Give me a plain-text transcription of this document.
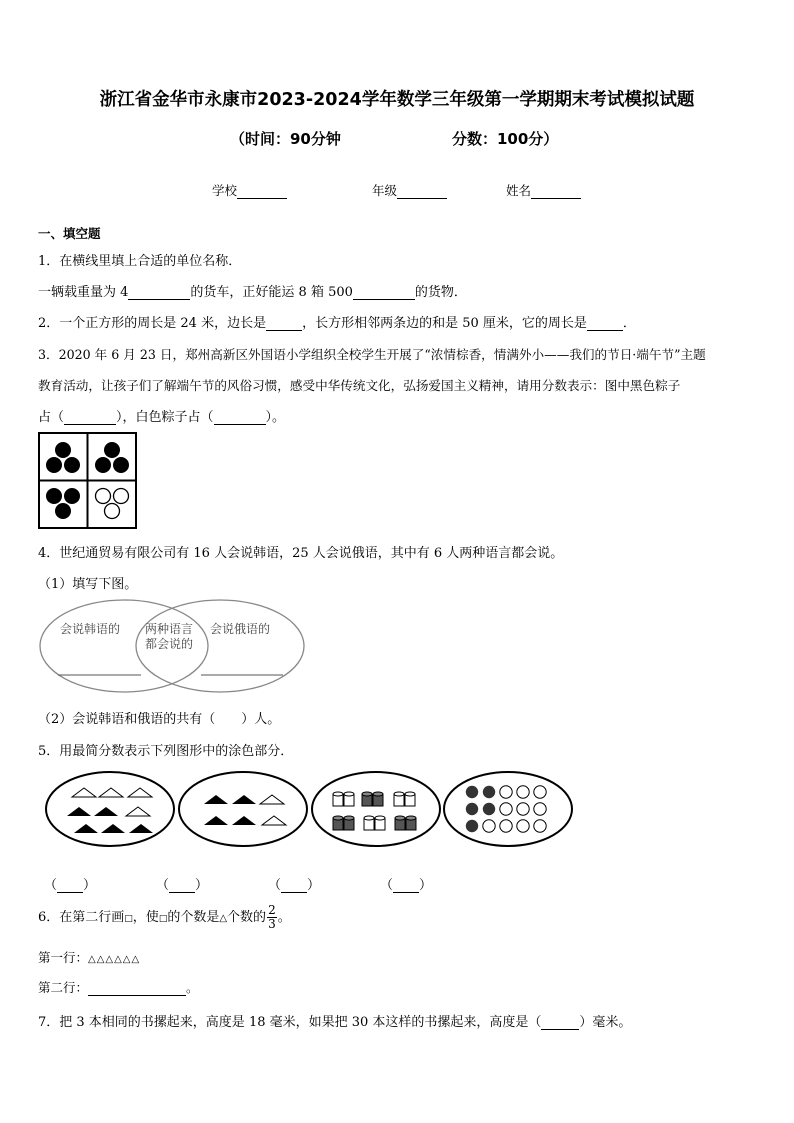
浙江省金华市永康市2023-2024学年数学三年级第一学期期末考试模拟试题
（时间：90分钟	分数：100分）
学校	年级	姓名
一、填空题
1．在横线里填上合适的单位名称．
一辆载重量为 4	的货车，正好能运 8 箱 500	的货物．
2．一个正方形的周长是 24 米，边长是	，长方形相邻两条边的和是 50 厘米，它的周长是	．
3．2020 年 6 月 23 日，郑州高新区外国语小学组织全校学生开展了“浓情棕香，情满外小——我们的节日·端午节”主题
教育活动，让孩子们了解端午节的风俗习惯，感受中华传统文化，弘扬爱国主义精神，请用分数表示：图中黑色粽子
占（	），白色粽子占（	）。
4．世纪通贸易有限公司有 16 人会说韩语，25 人会说俄语，其中有 6 人两种语言都会说。
（1）填写下图。
会说韩语的 两种语言
都会说的
会说俄语的
（2）会说韩语和俄语的共有（　　）人。
5．用最简分数表示下列图形中的涂色部分．
（ ）	（ ）	（ ）	（ ）
6．在第二行画□，使□的个数是△个数的 $\frac{2}{3}$ 。
第一行：△△△△△△
第二行：	。
7．把 3 本相同的书摞起来，高度是 18 毫米，如果把 30 本这样的书摞起来，高度是（	）毫米。
